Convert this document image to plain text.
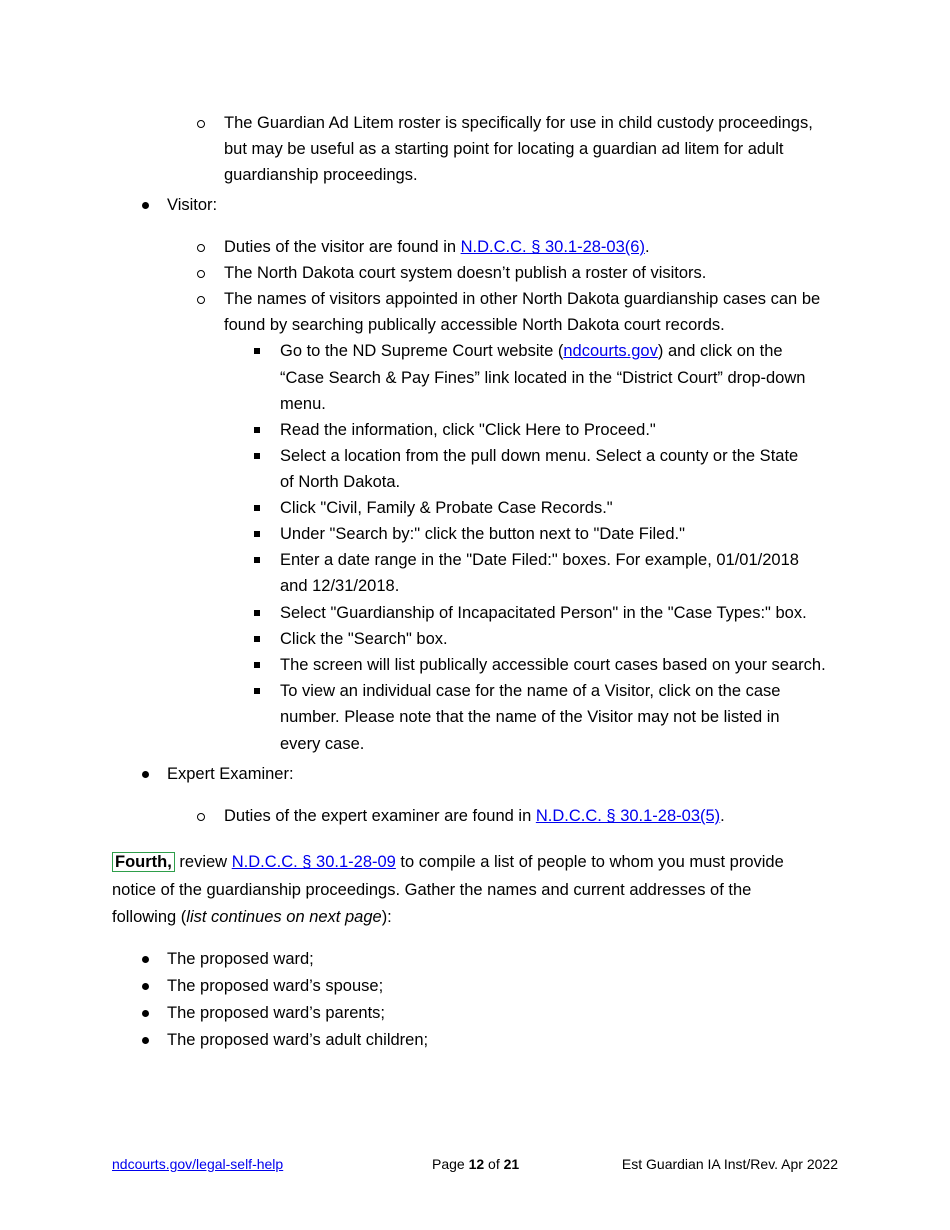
The Guardian Ad Litem roster is specifically for use in child custody proceedings,
but may be useful as a starting point for locating a guardian ad litem for adult
guardianship proceedings.
Visitor:
Duties of the visitor are found in N.D.C.C. § 30.1-28-03(6).
The North Dakota court system doesn’t publish a roster of visitors.
The names of visitors appointed in other North Dakota guardianship cases can be
found by searching publically accessible North Dakota court records.
Go to the ND Supreme Court website (ndcourts.gov) and click on the
“Case Search & Pay Fines” link located in the “District Court” drop-down
menu.
Read the information, click "Click Here to Proceed."
Select a location from the pull down menu. Select a county or the State
of North Dakota.
Click "Civil, Family & Probate Case Records."
Under "Search by:" click the button next to "Date Filed."
Enter a date range in the "Date Filed:" boxes. For example, 01/01/2018
and 12/31/2018.
Select "Guardianship of Incapacitated Person" in the "Case Types:" box.
Click the "Search" box.
The screen will list publically accessible court cases based on your search.
To view an individual case for the name of a Visitor, click on the case
number. Please note that the name of the Visitor may not be listed in
every case.
Expert Examiner:
Duties of the expert examiner are found in N.D.C.C. § 30.1-28-03(5).
Fourth, review N.D.C.C. § 30.1-28-09 to compile a list of people to whom you must provide
notice of the guardianship proceedings. Gather the names and current addresses of the
following (list continues on next page):
The proposed ward;
The proposed ward’s spouse;
The proposed ward’s parents;
The proposed ward’s adult children;
ndcourts.gov/legal-self-help	Page 12 of 21	Est Guardian IA Inst/Rev. Apr 2022
